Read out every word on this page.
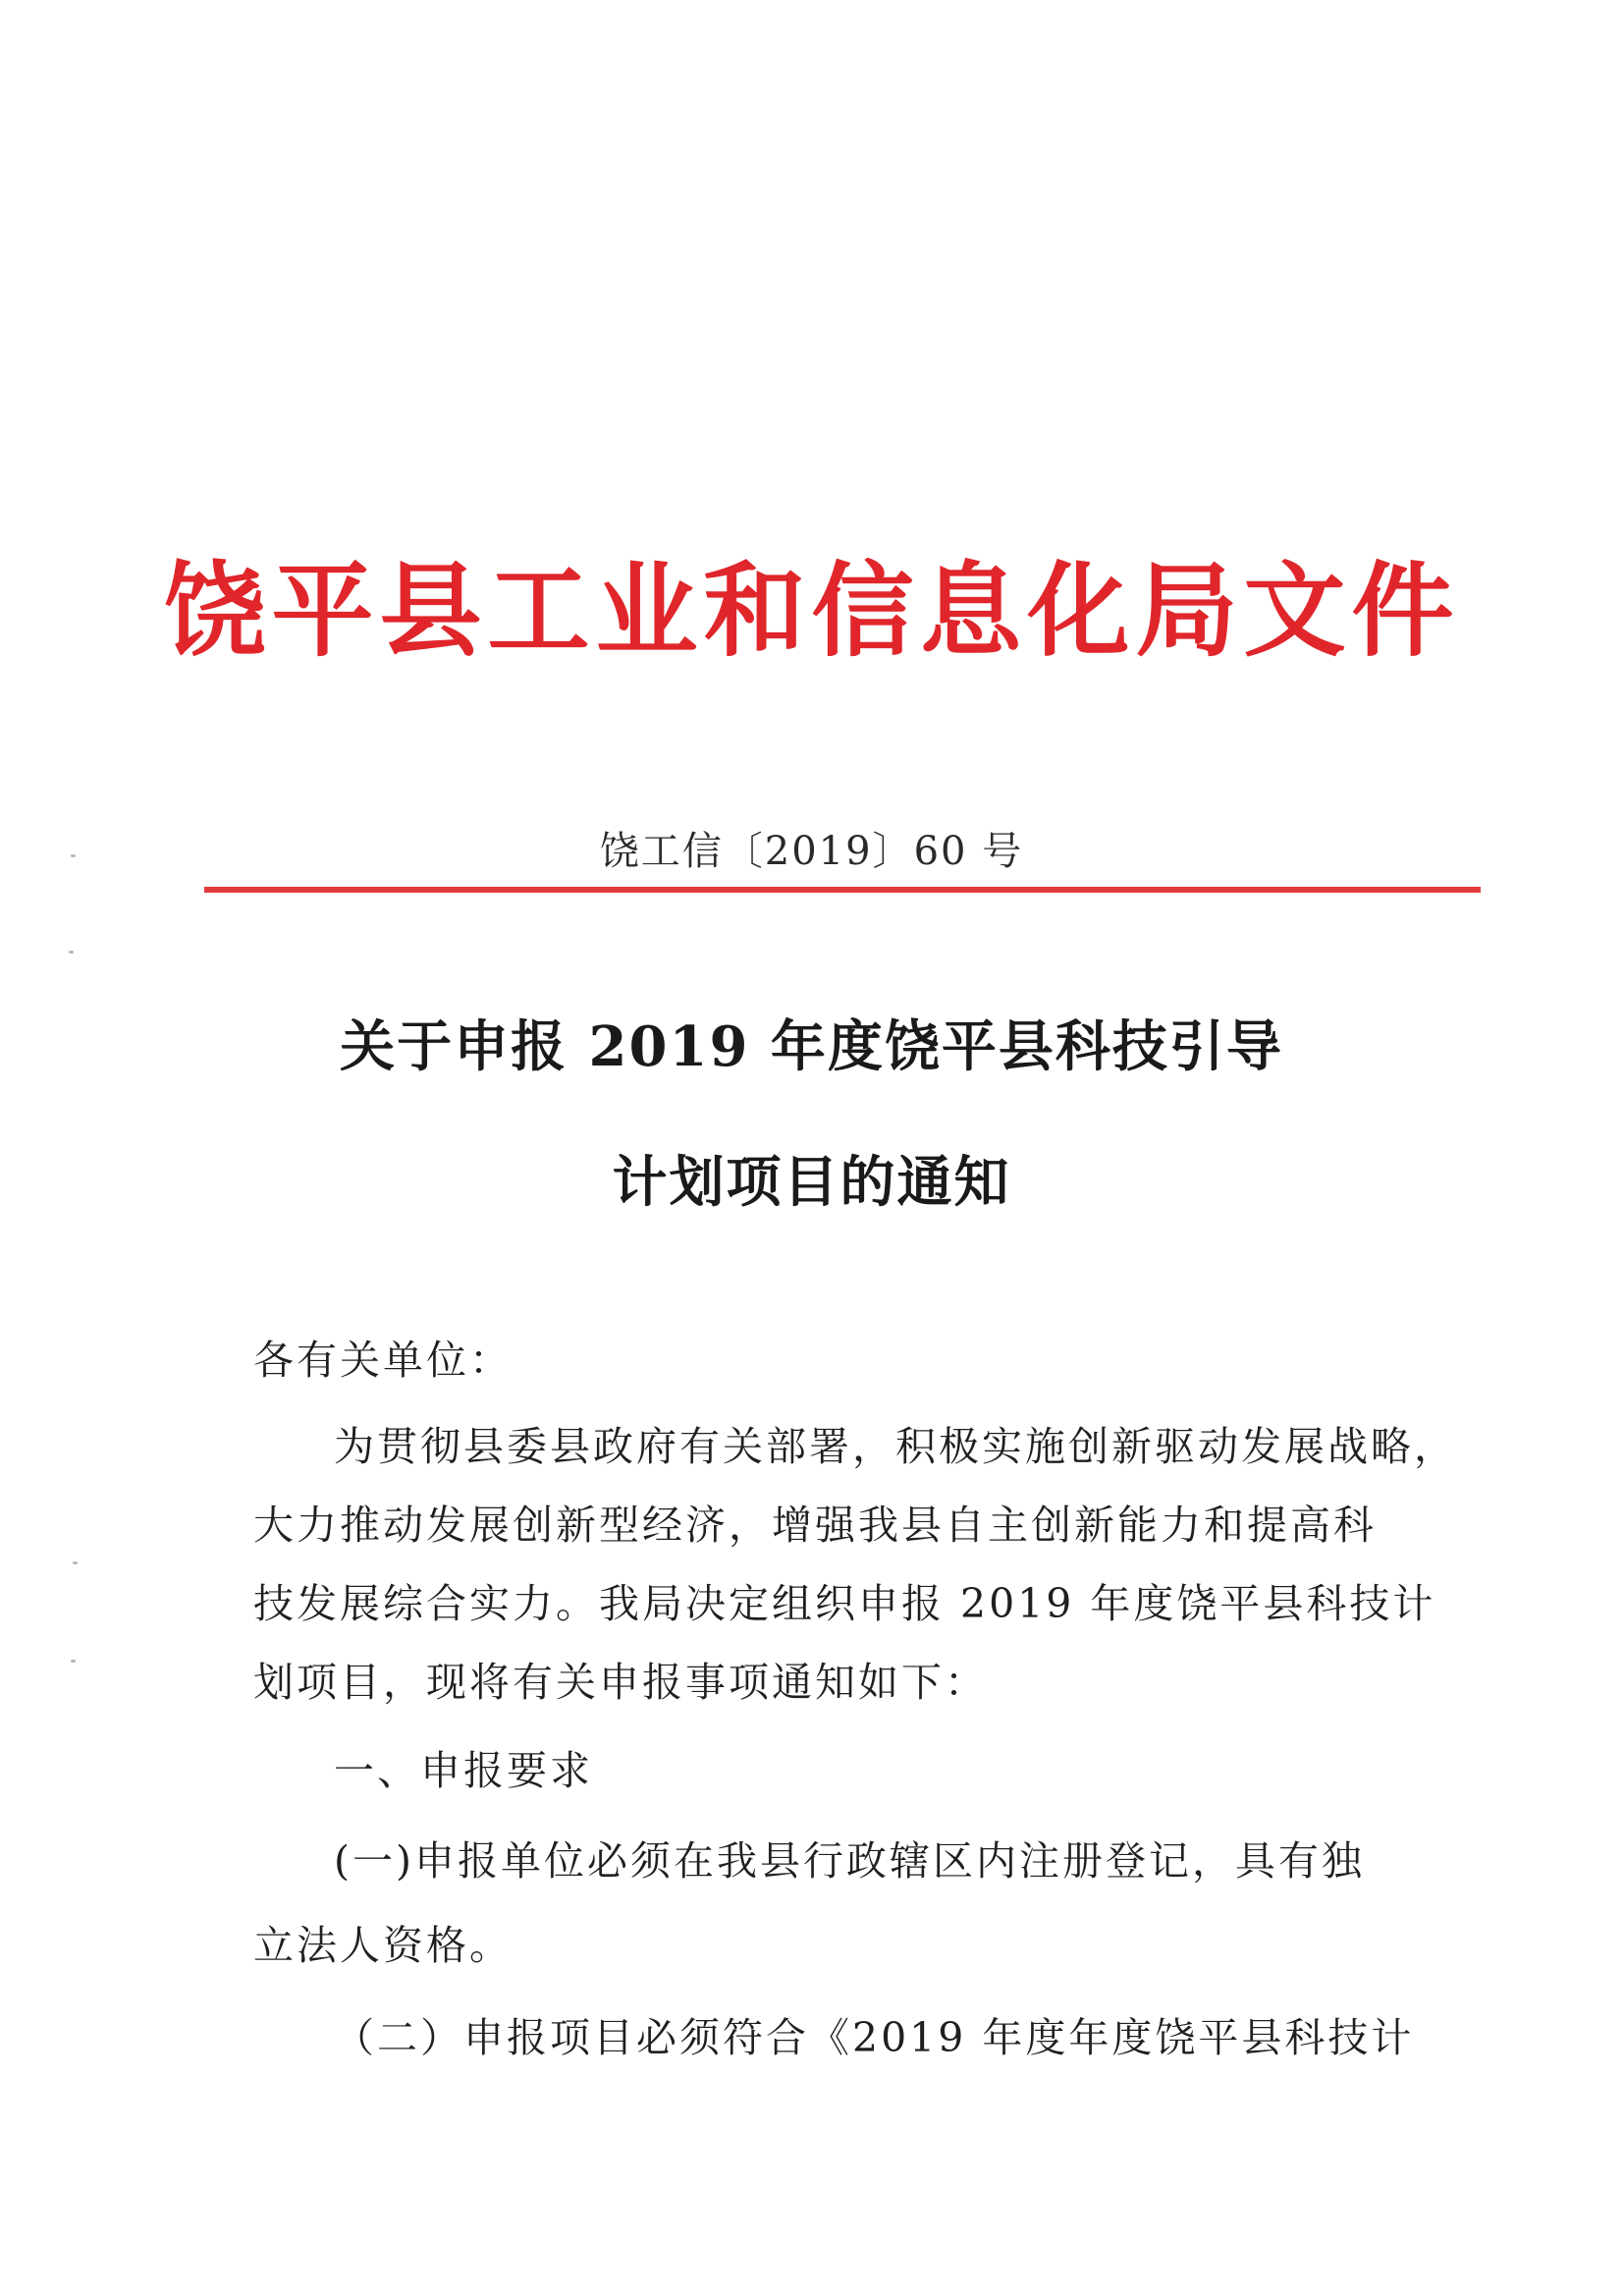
饶平县工业和信息化局文件
饶工信〔2019〕60 号
关于申报 2019 年度饶平县科技引导
计划项目的通知
各有关单位：
为贯彻县委县政府有关部署，积极实施创新驱动发展战略，
大力推动发展创新型经济，增强我县自主创新能力和提高科
技发展综合实力。我局决定组织申报 2019 年度饶平县科技计
划项目，现将有关申报事项通知如下：
一、申报要求
(一)申报单位必须在我县行政辖区内注册登记，具有独
立法人资格。
（二）申报项目必须符合《2019 年度年度饶平县科技计
